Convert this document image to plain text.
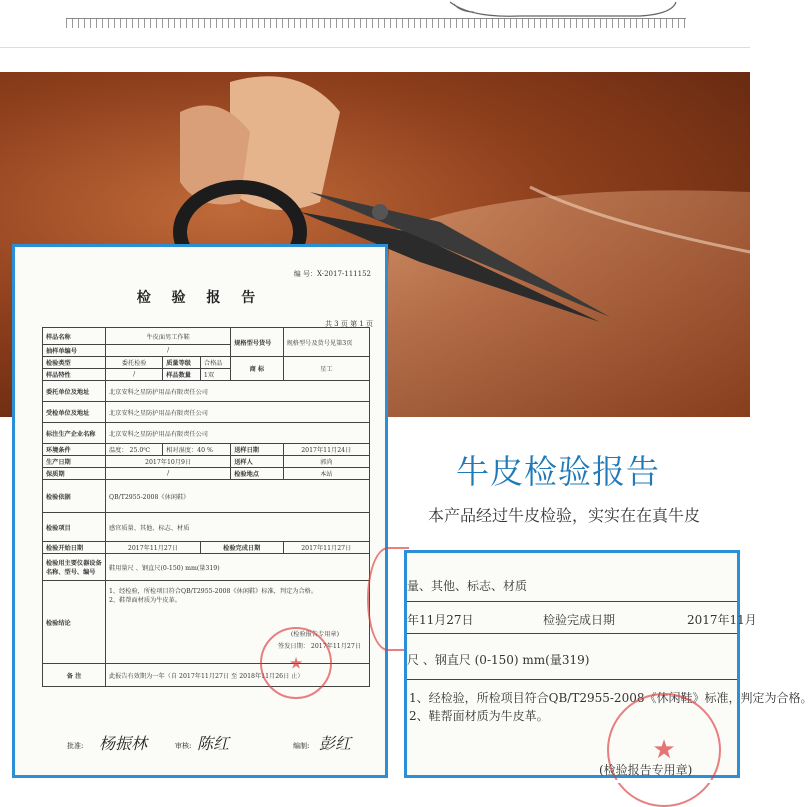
编 号：X-2017-111152
检 验 报 告
共 3 页 第 1 页
样品名称	牛皮面男工作鞋			规格型号货号	规格型号及货号见第3页
抽样单编号	/				
检验类型	委托检验	质量等级	合格品	商 标	星工
样品特性	/	样品数量	1双		
委托单位及地址	北京安科之星防护用品有限责任公司				
受检单位及地址	北京安科之星防护用品有限责任公司				
标注生产企业名称	北京安科之星防护用品有限责任公司				
环境条件	温度： 25.0℃	相对湿度：40 %		送样日期	2017年11月24日
生产日期	2017年10月9日			送样人	郭尚
保质期	/			检验地点	本站
检验依据	QB/T2955-2008《休闲鞋》				
检验项目	感官质量、其他、标志、材质				
检验开始日期	2017年11月27日		检验完成日期		2017年11月27日
检验用主要仪器设备名称、型号、编号	鞋用量尺 、钢直尺(0-150) mm(量319)				
检验结论	1、经检验，所检项目符合QB/T2955-2008《休闲鞋》标准，判定为合格。
2、鞋帮面材质为牛皮革。
(检验报告专用章)
签发日期： 2017年11月27日				

备 注	此报告有效期为一年（自 2017年11月27日 至 2018年11月26日 止）				
★
批准: 杨振林	审核: 陈红	编制: 彭红
牛皮检验报告
本产品经过牛皮检验，实实在在真牛皮
量、其他、标志、材质
年11月27日	检验完成日期	2017年11月
尺 、钢直尺 (0-150) mm(量319)
1、经检验，所检项目符合QB/T2955-2008《休闲鞋》标准，判定为合格。
2、鞋帮面材质为牛皮革。
★
(检验报告专用章)
